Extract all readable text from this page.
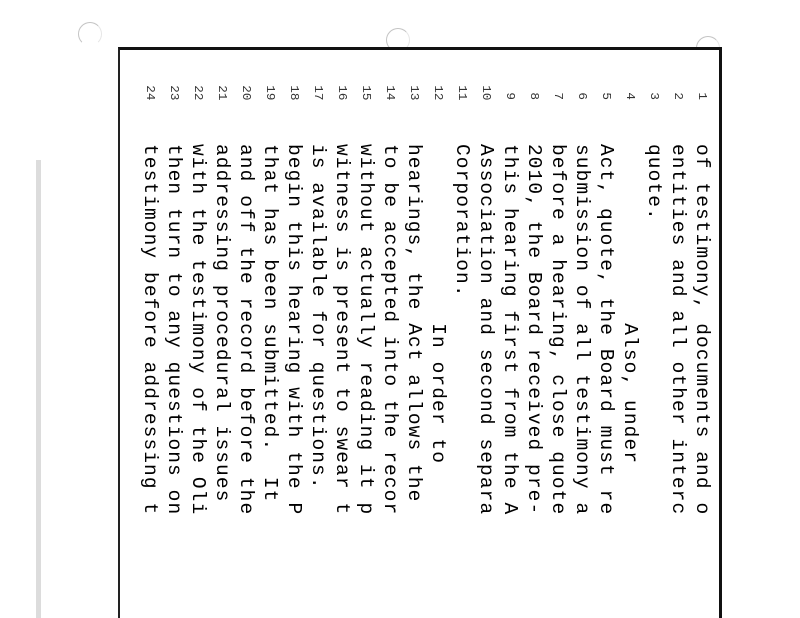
1
of testimony, documents and o
2
entities and all other interc
3
quote.
4
Also, under
5
Act, quote, the Board must re
6
submission of all testimony a
7
before a hearing, close quote
8
2010, the Board received pre-
9
this hearing first from the A
10
Association and second separa
11
Corporation.
12
In order to
13
hearings, the Act allows the
14
to be accepted into the recor
15
without actually reading it p
16
witness is present to swear t
17
is available for questions.
18
begin this hearing with the P
19
that has been submitted.  It
20
and off the record before the
21
addressing procedural issues
22
with the testimony of the Oli
23
then turn to any questions on
24
testimony before addressing t
